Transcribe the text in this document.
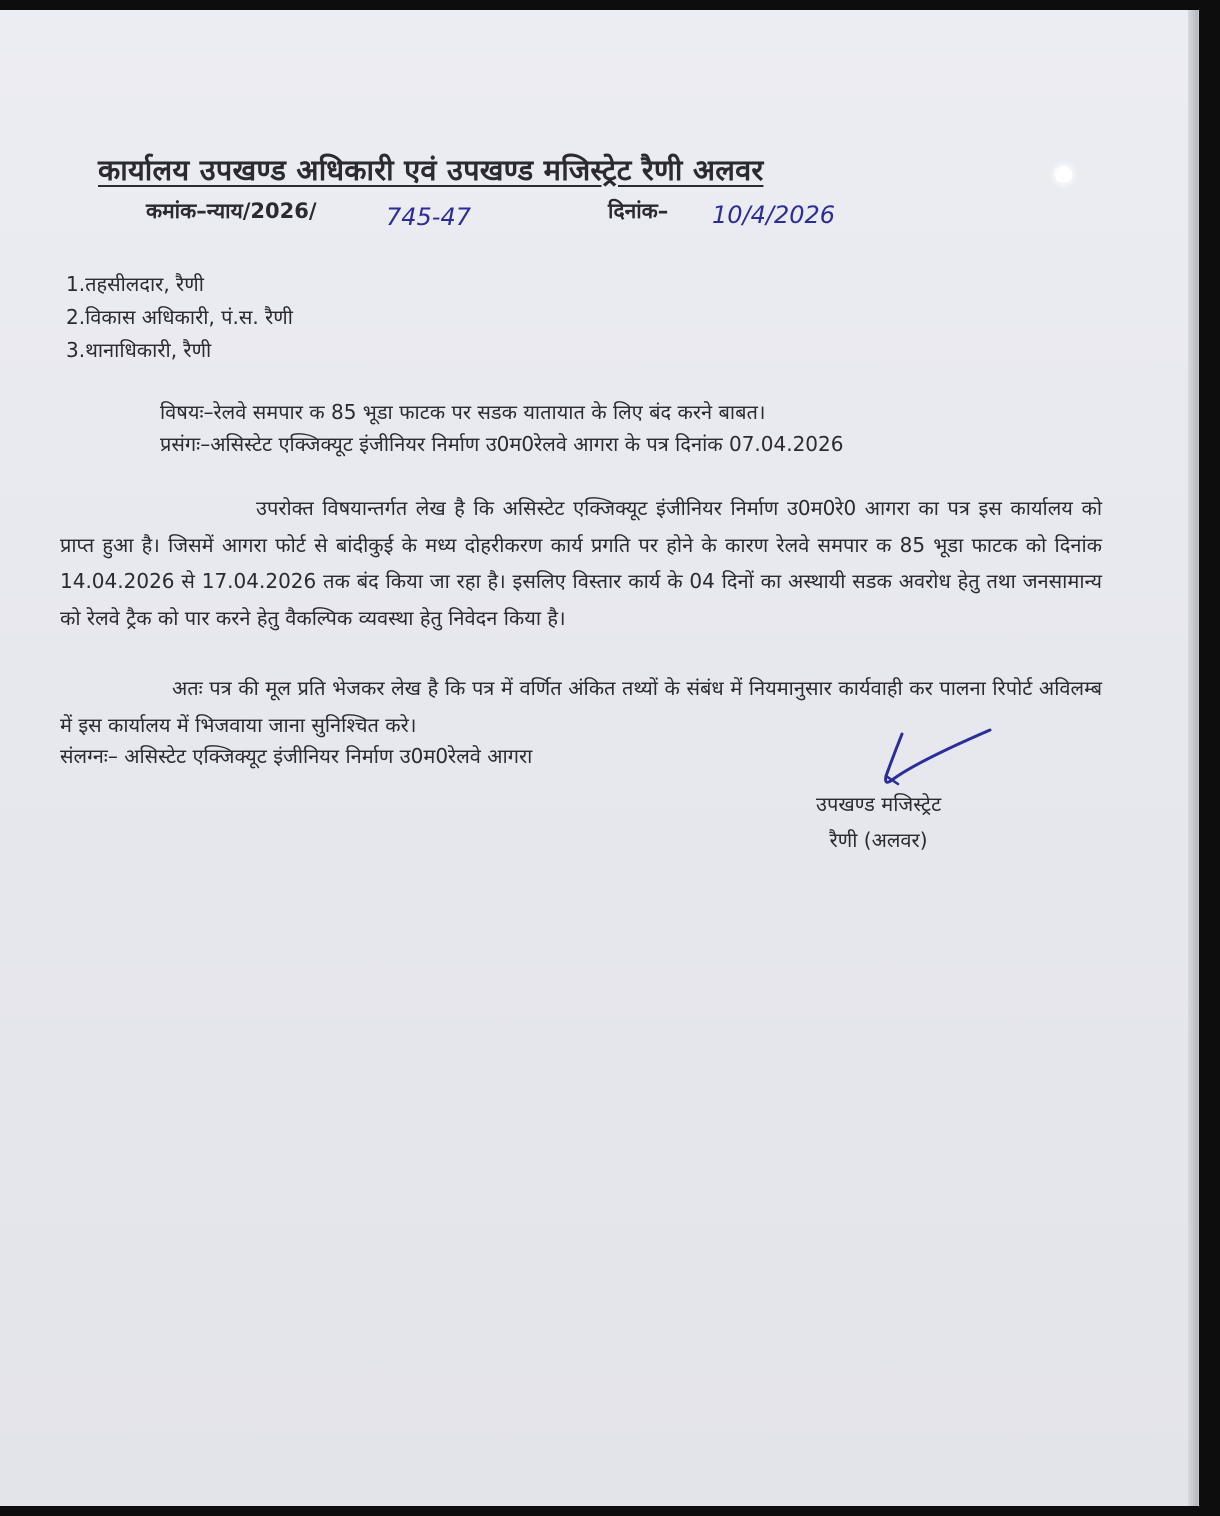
कार्यालय उपखण्ड अधिकारी एवं उपखण्ड मजिस्ट्रेट रैणी अलवर
कमांक–न्याय/2026/	745-47	दिनांक– 10/4/2026
1.तहसीलदार, रैणी
2.विकास अधिकारी, पं.स. रैणी
3.थानाधिकारी, रैणी
विषयः–रेलवे समपार क 85 भूडा फाटक पर सडक यातायात के लिए बंद करने बाबत।
प्रसंगः–असिस्टेट एक्जिक्यूट इंजीनियर निर्माण उ0म0रेलवे आगरा के पत्र दिनांक 07.04.2026

उपरोक्त विषयान्तर्गत लेख है कि असिस्टेट एक्जिक्यूट इंजीनियर निर्माण उ0म0रे0 आगरा का पत्र इस कार्यालय को प्राप्त हुआ है। जिसमें आगरा फोर्ट से बांदीकुई के मध्य दोहरीकरण कार्य प्रगति पर होने के कारण रेलवे समपार क 85 भूडा फाटक को दिनांक 14.04.2026 से 17.04.2026 तक बंद किया जा रहा है। इसलिए विस्तार कार्य के 04 दिनों का अस्थायी सडक अवरोध हेतु तथा जनसामान्य को रेलवे ट्रैक को पार करने हेतु वैकल्पिक व्यवस्था हेतु निवेदन किया है।

अतः पत्र की मूल प्रति भेजकर लेख है कि पत्र में वर्णित अंकित तथ्यों के संबंध में नियमानुसार कार्यवाही कर पालना रिपोर्ट अविलम्ब में इस कार्यालय में भिजवाया जाना सुनिश्चित करे।

संलग्नः– असिस्टेट एक्जिक्यूट इंजीनियर निर्माण उ0म0रेलवे आगरा
उपखण्ड मजिस्ट्रेट
रैणी (अलवर)
